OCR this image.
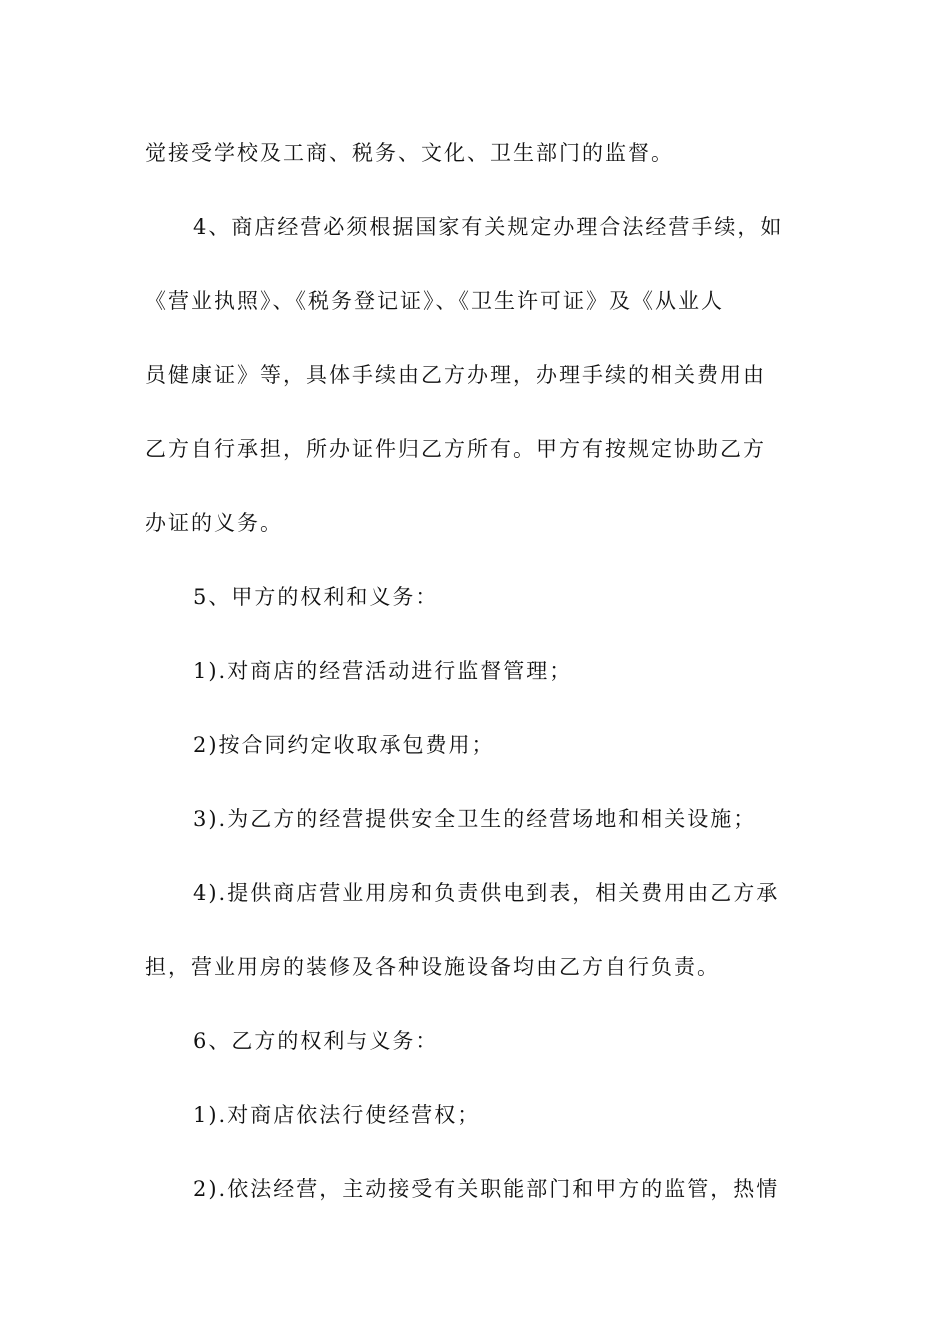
觉接受学校及工商、税务、文化、卫生部门的监督。
4、商店经营必须根据国家有关规定办理合法经营手续，如
《营业执照》、《税务登记证》、《卫生许可证》及《从业人
员健康证》等，具体手续由乙方办理，办理手续的相关费用由
乙方自行承担，所办证件归乙方所有。甲方有按规定协助乙方
办证的义务。
5、甲方的权利和义务：
1).对商店的经营活动进行监督管理；
2)按合同约定收取承包费用；
3).为乙方的经营提供安全卫生的经营场地和相关设施；
4).提供商店营业用房和负责供电到表，相关费用由乙方承
担，营业用房的装修及各种设施设备均由乙方自行负责。
6、乙方的权利与义务：
1).对商店依法行使经营权；
2).依法经营，主动接受有关职能部门和甲方的监管，热情
